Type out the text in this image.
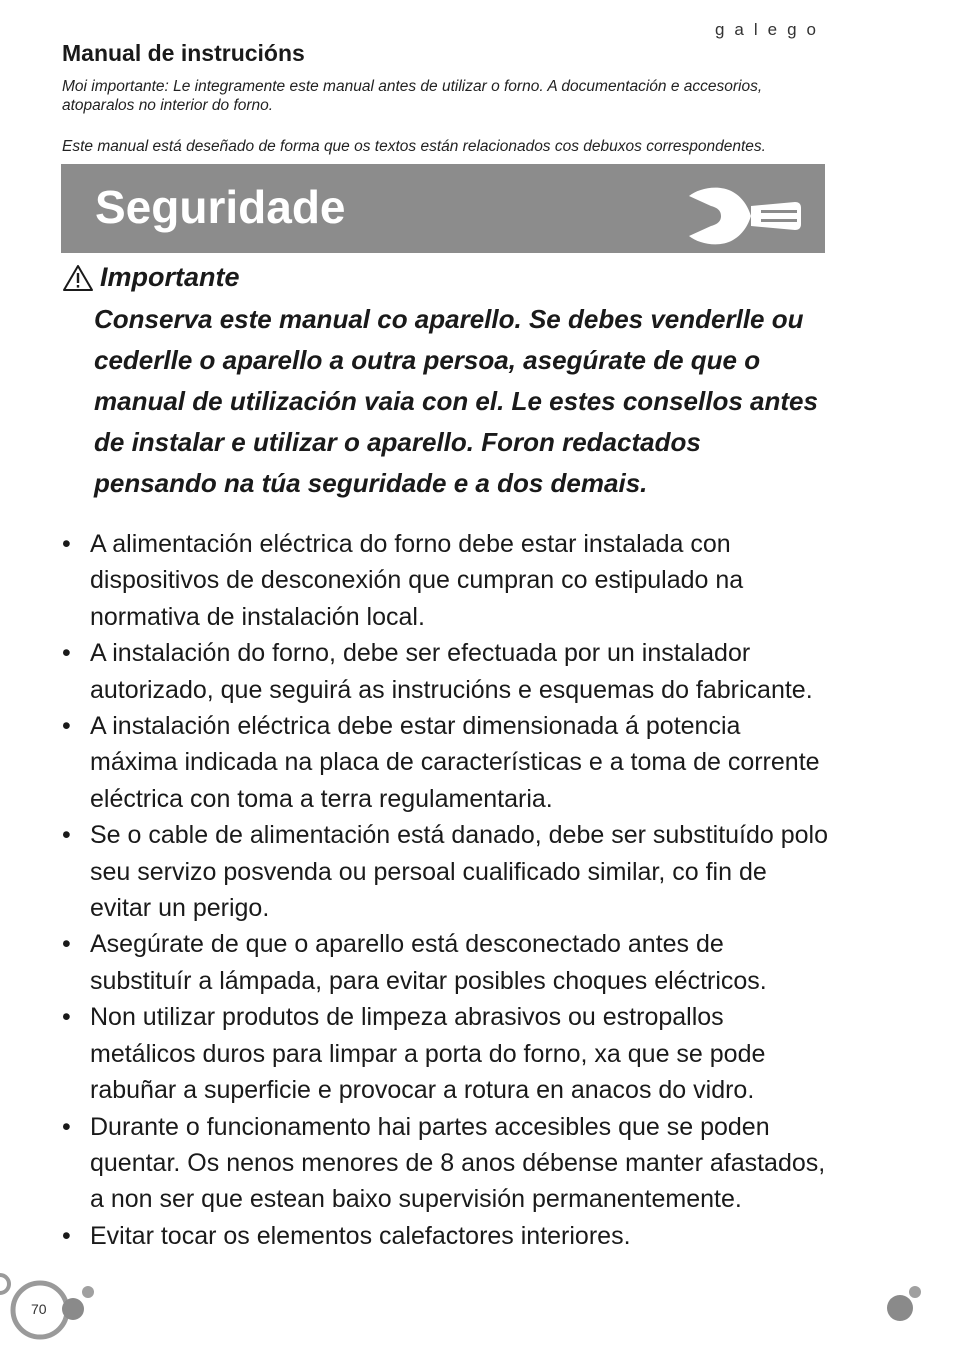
galego
Manual de instrucións

Moi importante: Le integramente este manual antes de utilizar o forno. A documentación e accesorios, atoparalos no interior do forno.

Este manual está deseñado de forma que os textos están relacionados cos debuxos correspondentes.

Seguridade
Importante

Conserva este manual co aparello. Se debes venderlle ou cederlle o aparello a outra persoa, asegúrate de que o manual de utilización vaia con el. Le estes consellos antes de instalar e utilizar o aparello. Foron redactados pensando na túa seguridade e a dos demais.

• A alimentación eléctrica do forno debe estar instalada con dispositivos de desconexión que cumpran co estipulado na normativa de instalación local.
• A instalación do forno, debe ser efectuada por un instalador autorizado, que seguirá as instrucións e esquemas do fabricante.
• A instalación eléctrica debe estar dimensionada á potencia máxima indicada na placa de características e a toma de corrente eléctrica con toma a terra regulamentaria.
• Se o cable de alimentación está danado, debe ser substituído polo seu servizo posvenda ou persoal cualificado similar, co fin de evitar un perigo.
• Asegúrate de que o aparello está desconectado antes de substituír a lámpada, para evitar posibles choques eléctricos.
• Non utilizar produtos de limpeza abrasivos ou estropallos metálicos duros para limpar a porta do forno, xa que se pode rabuñar a superficie e provocar a rotura en anacos do vidro.
• Durante o funcionamento hai partes accesibles que se poden quentar. Os nenos menores de 8 anos débense manter afastados, a non ser que estean baixo supervisión permanentemente.
• Evitar tocar os elementos calefactores interiores.
70
